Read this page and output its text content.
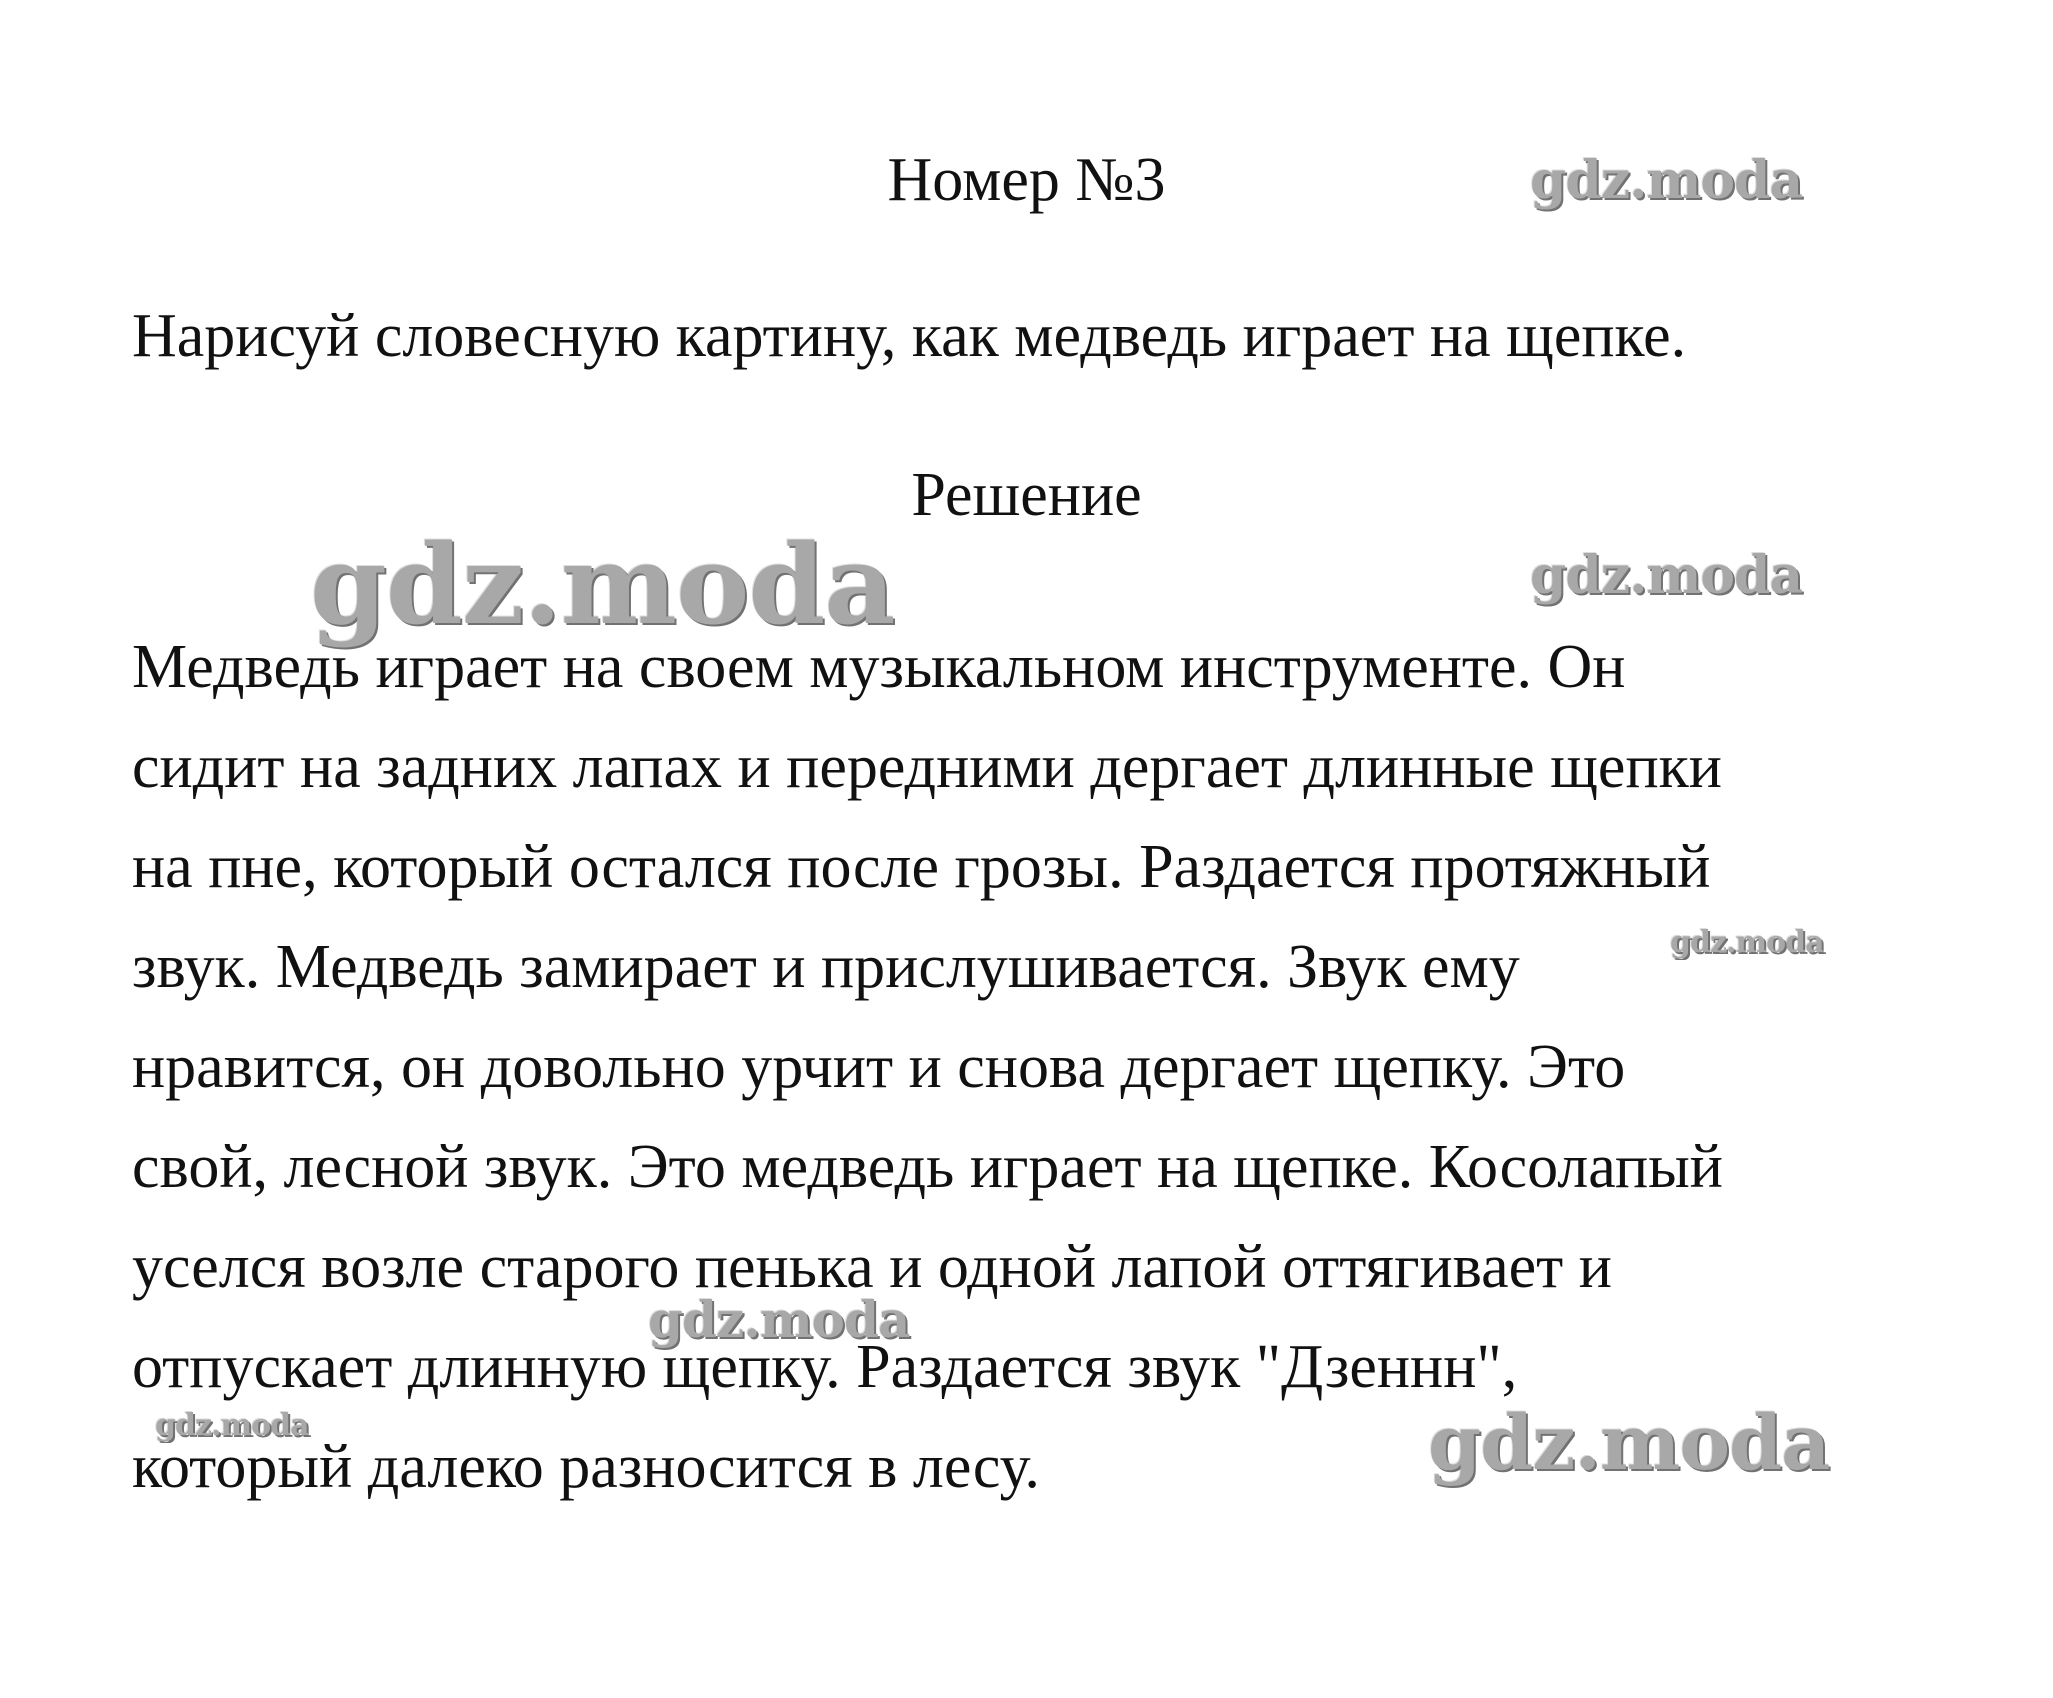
Номер №3
Нарисуй словесную картину, как медведь играет на щепке.
Решение
Медведь играет на своем музыкальном инструменте. Он
сидит на задних лапах и передними дергает длинные щепки
на пне, который остался после грозы. Раздается протяжный
звук. Медведь замирает и прислушивается. Звук ему
нравится, он довольно урчит и снова дергает щепку. Это
свой, лесной звук. Это медведь играет на щепке. Косолапый
уселся возле старого пенька и одной лапой оттягивает и
отпускает длинную щепку. Раздается звук "Дзеннн",
который далеко разносится в лесу.
gdz.moda
gdz.moda	gdz.moda
gdz.moda
gdz.moda
gdz.moda	gdz.moda
